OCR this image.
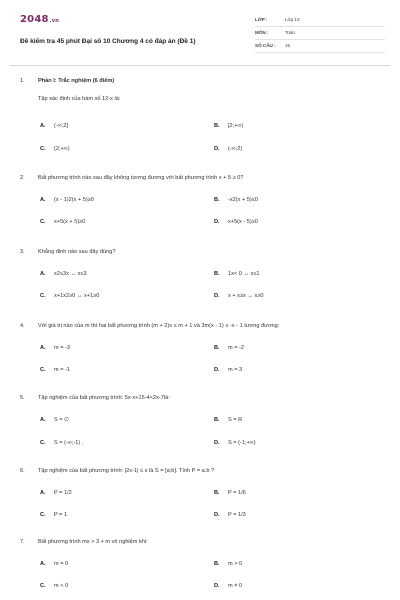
2048.vn
Đề kiểm tra 45 phút Đại số 10 Chương 4 có đáp án (Đề 1)
LỚP :	Lớp 10
MÔN :	Toán
SỐ CÂU : 15
1. Phần I: Trắc nghiệm (6 điểm)
Tập xác định của hàm số 12-x là:
A. (-∞;2]	B. [2;+∞)
C. (2;+∞)	D. (-∞;2)
2. Bất phương trình nào sau đây không tương đương với bất phương trình x + 5 ≥ 0?
A. (x - 1)2(x + 5)≥0	B. -x2(x + 5)≤0
C. x+5(x + 5)≥0	D. x+5(x - 5)≥0
3. Khẳng định nào sau đây đúng?
A. x2≤3x ↔ x≤3	B. 1x< 0 ↔ x≤1
C. x+1x2≥0 ↔ x+1≥0	D. x + x≥x ↔ x≥0
4. Với giá trị nào của m thì hai bất phương trình (m + 2)x ≤ m + 1 và 3m(x - 1) ≤ -x - 1 tương đương:
A. m = -3	B. m = -2
C. m = -1	D. m = 3
5. Tập nghiệm của bất phương trình: 5x-x+15-4<2x-7là:
A. S = ∅	B. S = R
C. S = (-∞;-1) .	D. S = (-1;+∞)
6. Tập nghiệm của bất phương trình: |2x-1| ≤ x là S = [a;b]. Tính P = a.b ?
A. P = 1/2	B. P = 1/6
C. P = 1	D. P = 1/3
7. Bất phương trình mx > 3 + m vô nghiệm khi:
A. m = 0	B. m > 0
C. m < 0	D. m ≠ 0
